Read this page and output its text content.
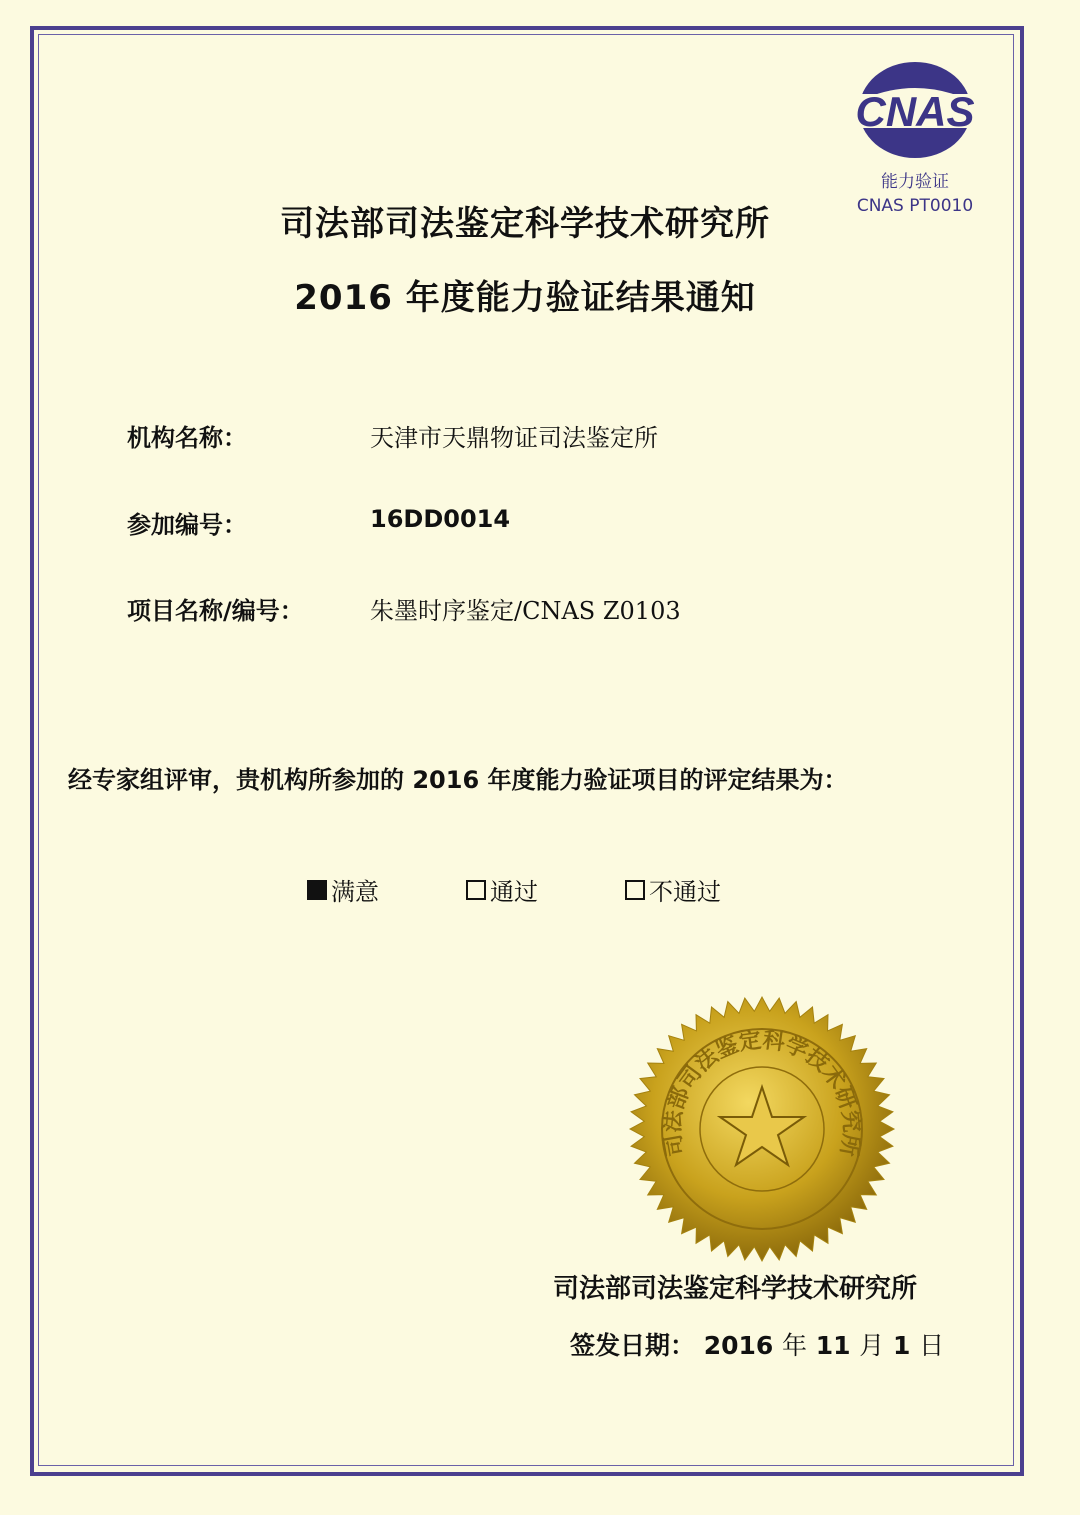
CNAS
能力验证
CNAS PT0010
司法部司法鉴定科学技术研究所
2016 年度能力验证结果通知
机构名称：	天津市天鼎物证司法鉴定所
参加编号：	16DD0014
项目名称/编号：	朱墨时序鉴定/CNAS Z0103
经专家组评审，贵机构所参加的 2016 年度能力验证项目的评定结果为：
满意	通过	不通过
司法部司法鉴定科学技术研究所
司法部司法鉴定科学技术研究所
签发日期： 2016 年 11 月 1 日
